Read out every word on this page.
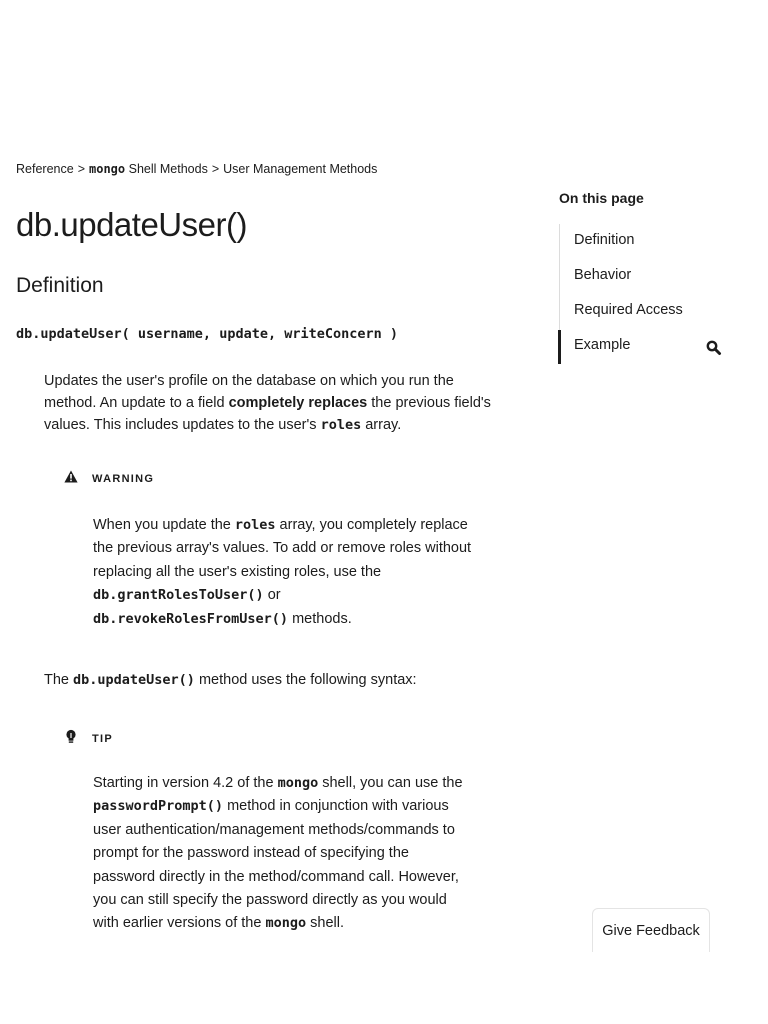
Reference > mongo Shell Methods > User Management Methods
db.updateUser()
Definition
db.updateUser( username, update, writeConcern )

Updates the user's profile on the database on which you run the method. An update to a field completely replaces the previous field's values. This includes updates to the user's roles array.

WARNING

When you update the roles array, you completely replace the previous array's values. To add or remove roles without replacing all the user's existing roles, use the db.grantRolesToUser() or db.revokeRolesFromUser() methods.

The db.updateUser() method uses the following syntax:

TIP

Starting in version 4.2 of the mongo shell, you can use the passwordPrompt() method in conjunction with various user authentication/management methods/commands to prompt for the password instead of specifying the password directly in the method/command call. However, you can still specify the password directly as you would with earlier versions of the mongo shell.

On this page
Definition
Behavior
Required Access
Example
Give Feedback
